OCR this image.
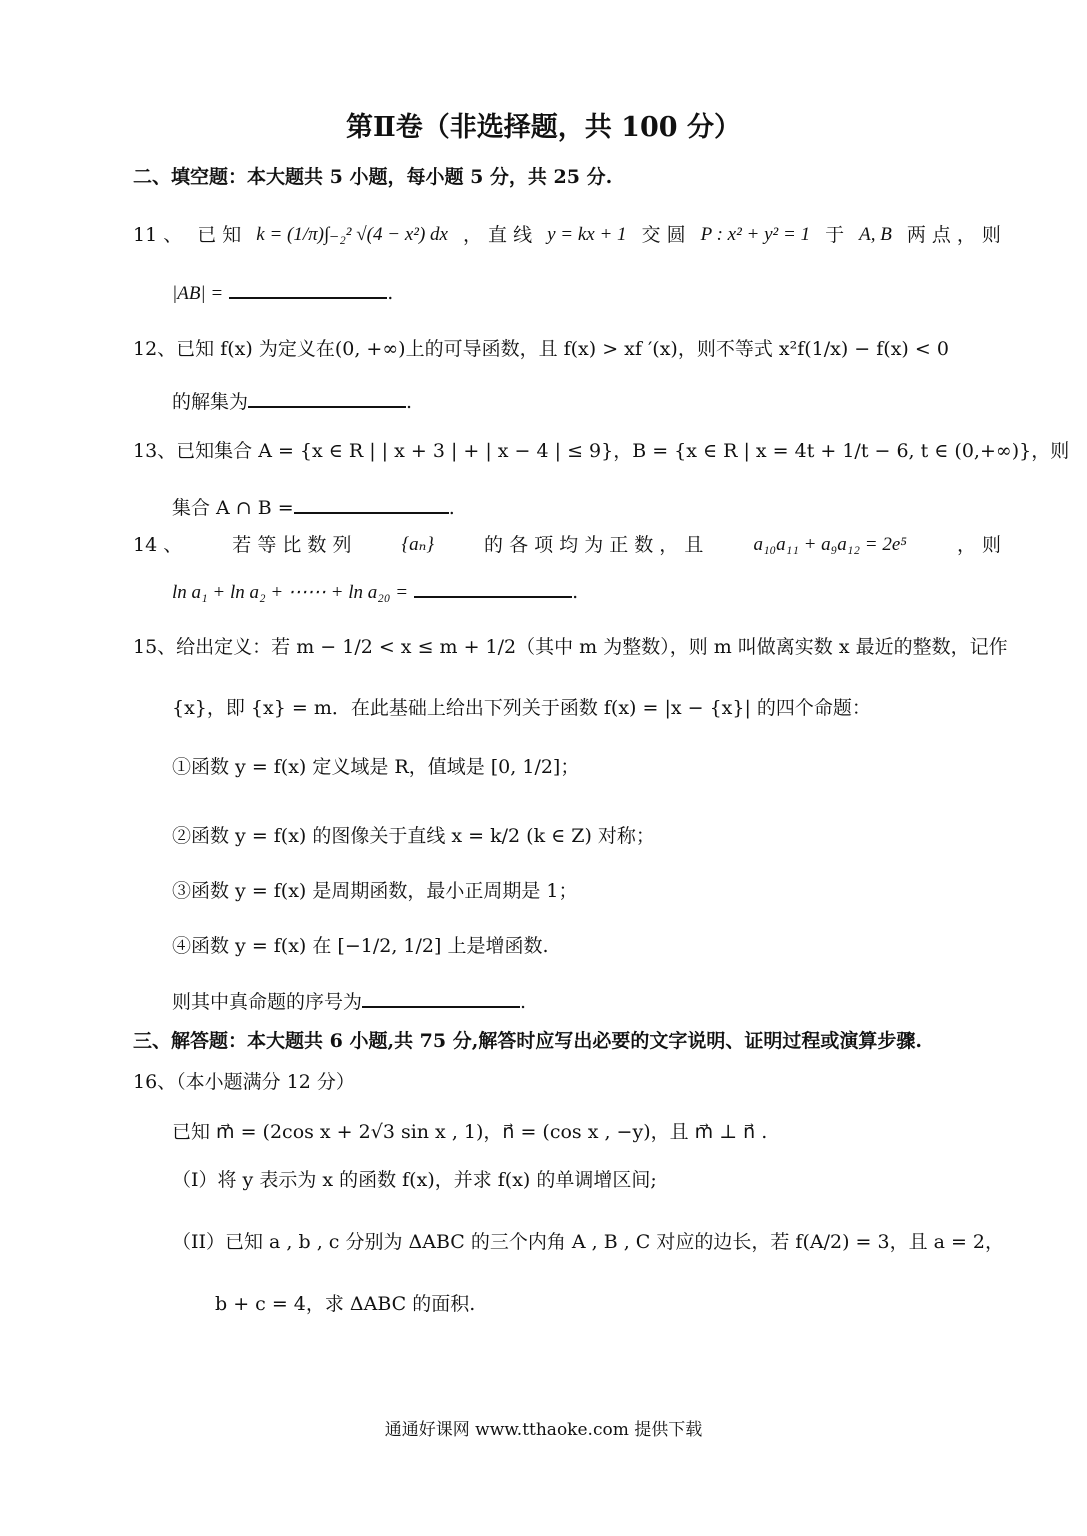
第Ⅱ卷（非选择题，共 100 分）
二、填空题：本大题共 5 小题，每小题 5 分，共 25 分.
11 、 已 知 k = (1/π)∫₋₂² √(4 − x²) dx ， 直 线 y = kx + 1 交 圆 P : x² + y² = 1 于 A, B 两 点 ， 则
|AB| =	.
12、已知 f(x) 为定义在(0, +∞)上的可导函数，且 f(x) > xf ′(x)，则不等式 x²f(1/x) − f(x) < 0
的解集为	.
13、已知集合 A = {x ∈ R | | x + 3 | + | x − 4 | ≤ 9}，B = {x ∈ R | x = 4t + 1/t − 6, t ∈ (0,+∞)}，则
集合 A ∩ B =	.
14 、	若 等 比 数 列	{aₙ}	的 各 项 均 为 正 数 ， 且	a₁₀a₁₁ + a₉a₁₂ = 2e⁵	， 则
ln a₁ + ln a₂ + ⋯⋯ + ln a₂₀ =	.
15、给出定义：若 m − 1/2 < x ≤ m + 1/2（其中 m 为整数），则 m 叫做离实数 x 最近的整数，记作
{x}，即 {x} = m．在此基础上给出下列关于函数 f(x) = |x − {x}| 的四个命题：
①函数 y = f(x) 定义域是 R，值域是 [0, 1/2]；
②函数 y = f(x) 的图像关于直线 x = k/2 (k ∈ Z) 对称；
③函数 y = f(x) 是周期函数，最小正周期是 1；
④函数 y = f(x) 在 [−1/2, 1/2] 上是增函数.
则其中真命题的序号为	.
三、解答题：本大题共 6 小题,共 75 分,解答时应写出必要的文字说明、证明过程或演算步骤.
16、（本小题满分 12 分）
已知 m⃗ = (2cos x + 2√3 sin x , 1)，n⃗ = (cos x , −y)，且 m⃗ ⊥ n⃗ .
（Ⅰ）将 y 表示为 x 的函数 f(x)，并求 f(x) 的单调增区间;
（II）已知 a , b , c 分别为 ΔABC 的三个内角 A , B , C 对应的边长，若 f(A/2) = 3，且 a = 2，
b + c = 4，求 ΔABC 的面积.
通通好课网 www.tthaoke.com 提供下载
